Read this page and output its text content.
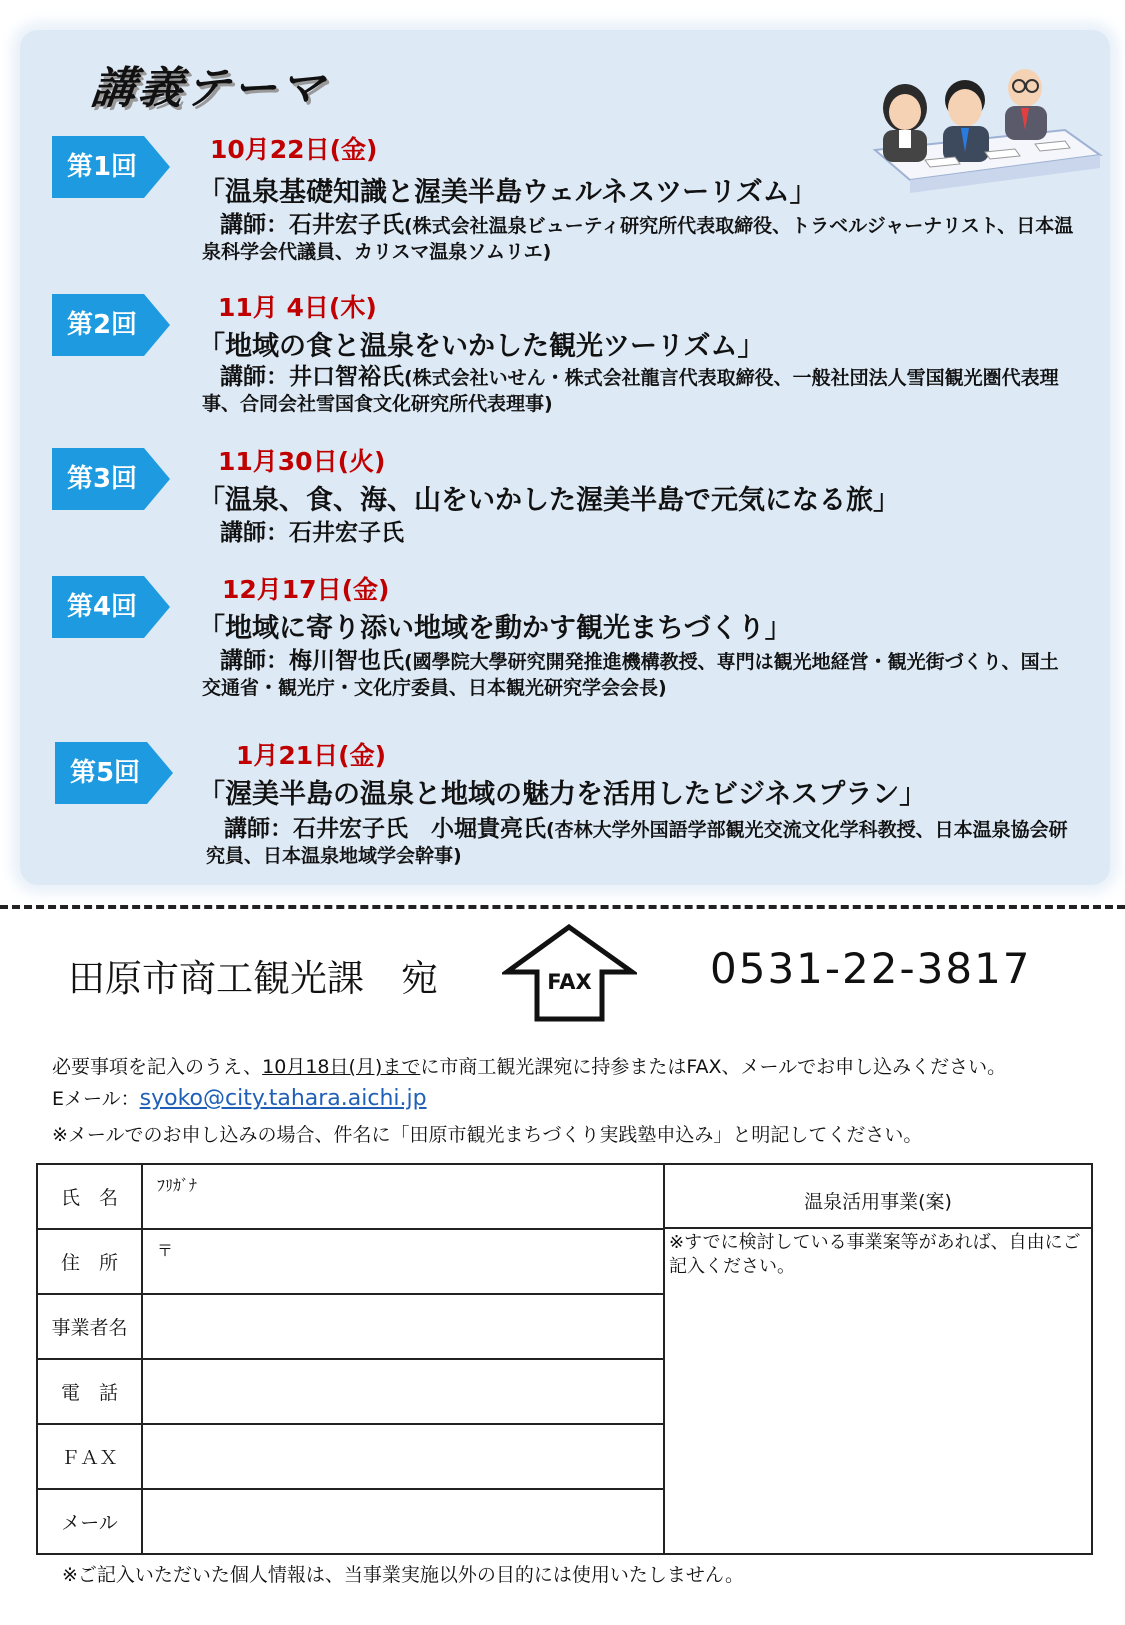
講義テーマ
第1回
10月22日(金)
「温泉基礎知識と渥美半島ウェルネスツーリズム」
講師：石井宏子氏(株式会社温泉ビューティ研究所代表取締役、トラベルジャーナリスト、日本温泉科学会代議員、カリスマ温泉ソムリエ)
第2回
11月 4日(木)
「地域の食と温泉をいかした観光ツーリズム」
講師：井口智裕氏(株式会社いせん・株式会社龍言代表取締役、一般社団法人雪国観光圏代表理事、合同会社雪国食文化研究所代表理事)
第3回
11月30日(火)
「温泉、食、海、山をいかした渥美半島で元気になる旅」
講師：石井宏子氏
第4回
12月17日(金)
「地域に寄り添い地域を動かす観光まちづくり」
講師：梅川智也氏(國學院大學研究開発推進機構教授、専門は観光地経営・観光街づくり、国土交通省・観光庁・文化庁委員、日本観光研究学会会長)
第5回
1月21日(金)
「渥美半島の温泉と地域の魅力を活用したビジネスプラン」
講師：石井宏子氏　小堀貴亮氏(杏林大学外国語学部観光交流文化学科教授、日本温泉協会研究員、日本温泉地域学会幹事)
田原市商工観光課　宛	FAX	0531-22-3817
必要事項を記入のうえ、10月18日(月)までに市商工観光課宛に持参またはFAX、メールでお申し込みください。
Eメール：syoko@city.tahara.aichi.jp
※メールでのお申し込みの場合、件名に「田原市観光まちづくり実践塾申込み」と明記してください。
氏　名	ﾌﾘｶﾞﾅ	温泉活用事業(案)
※すでに検討している事業案等があれば、自由にご記入ください。

住　所	〒	

事業者名		
電　話		
ＦＡＸ		
メール		
※ご記入いただいた個人情報は、当事業実施以外の目的には使用いたしません。
